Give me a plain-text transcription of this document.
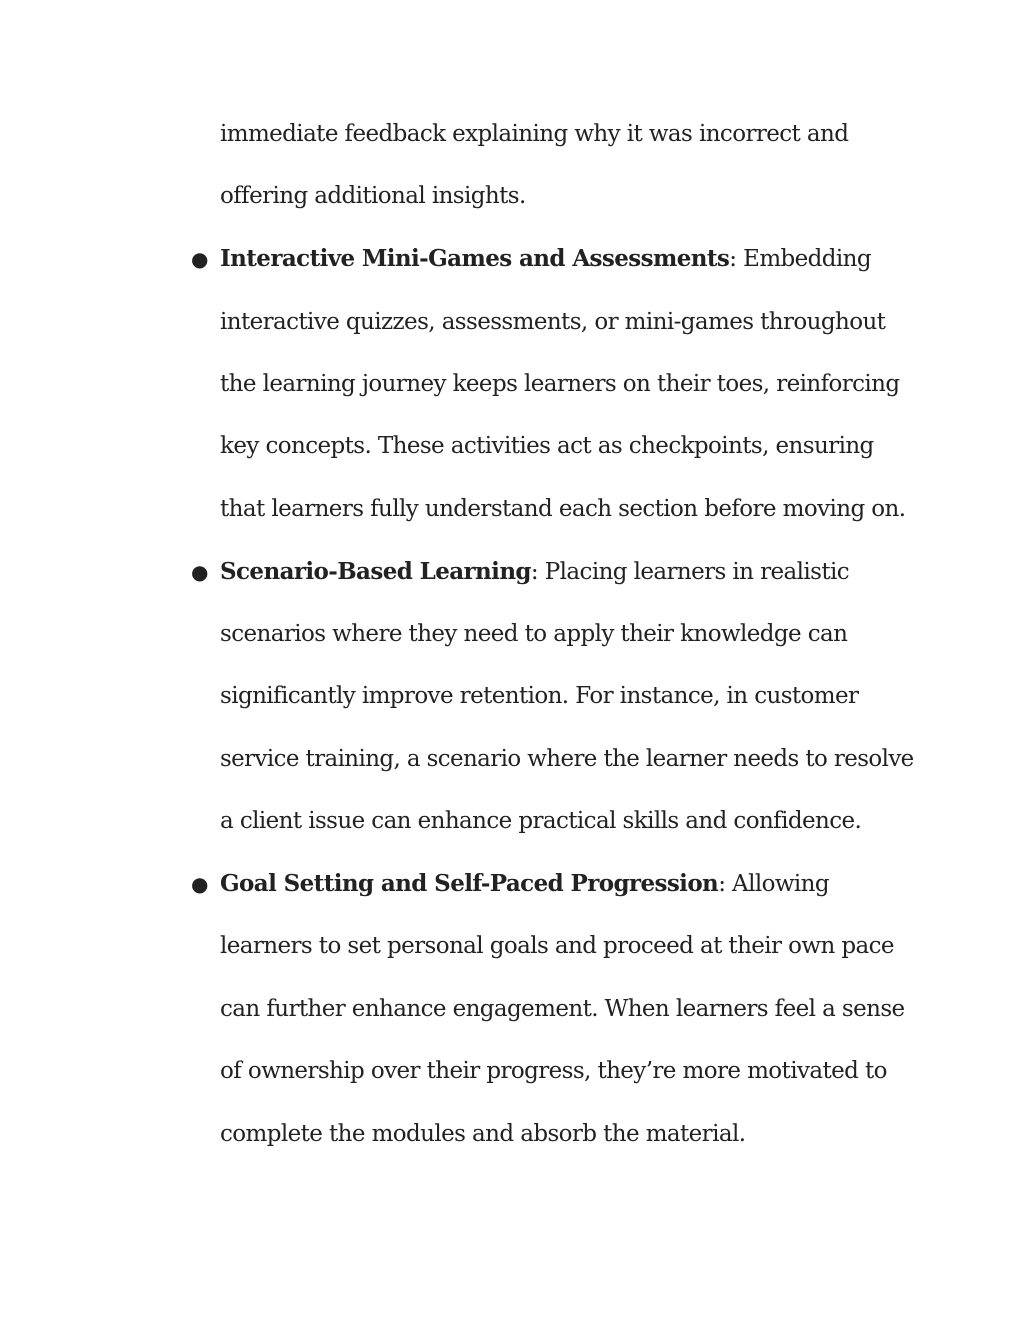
immediate feedback explaining why it was incorrect and
offering additional insights.
● Interactive Mini-Games and Assessments: Embedding
interactive quizzes, assessments, or mini-games throughout
the learning journey keeps learners on their toes, reinforcing
key concepts. These activities act as checkpoints, ensuring
that learners fully understand each section before moving on.
● Scenario-Based Learning: Placing learners in realistic
scenarios where they need to apply their knowledge can
significantly improve retention. For instance, in customer
service training, a scenario where the learner needs to resolve
a client issue can enhance practical skills and confidence.
● Goal Setting and Self-Paced Progression: Allowing
learners to set personal goals and proceed at their own pace
can further enhance engagement. When learners feel a sense
of ownership over their progress, they’re more motivated to
complete the modules and absorb the material.
